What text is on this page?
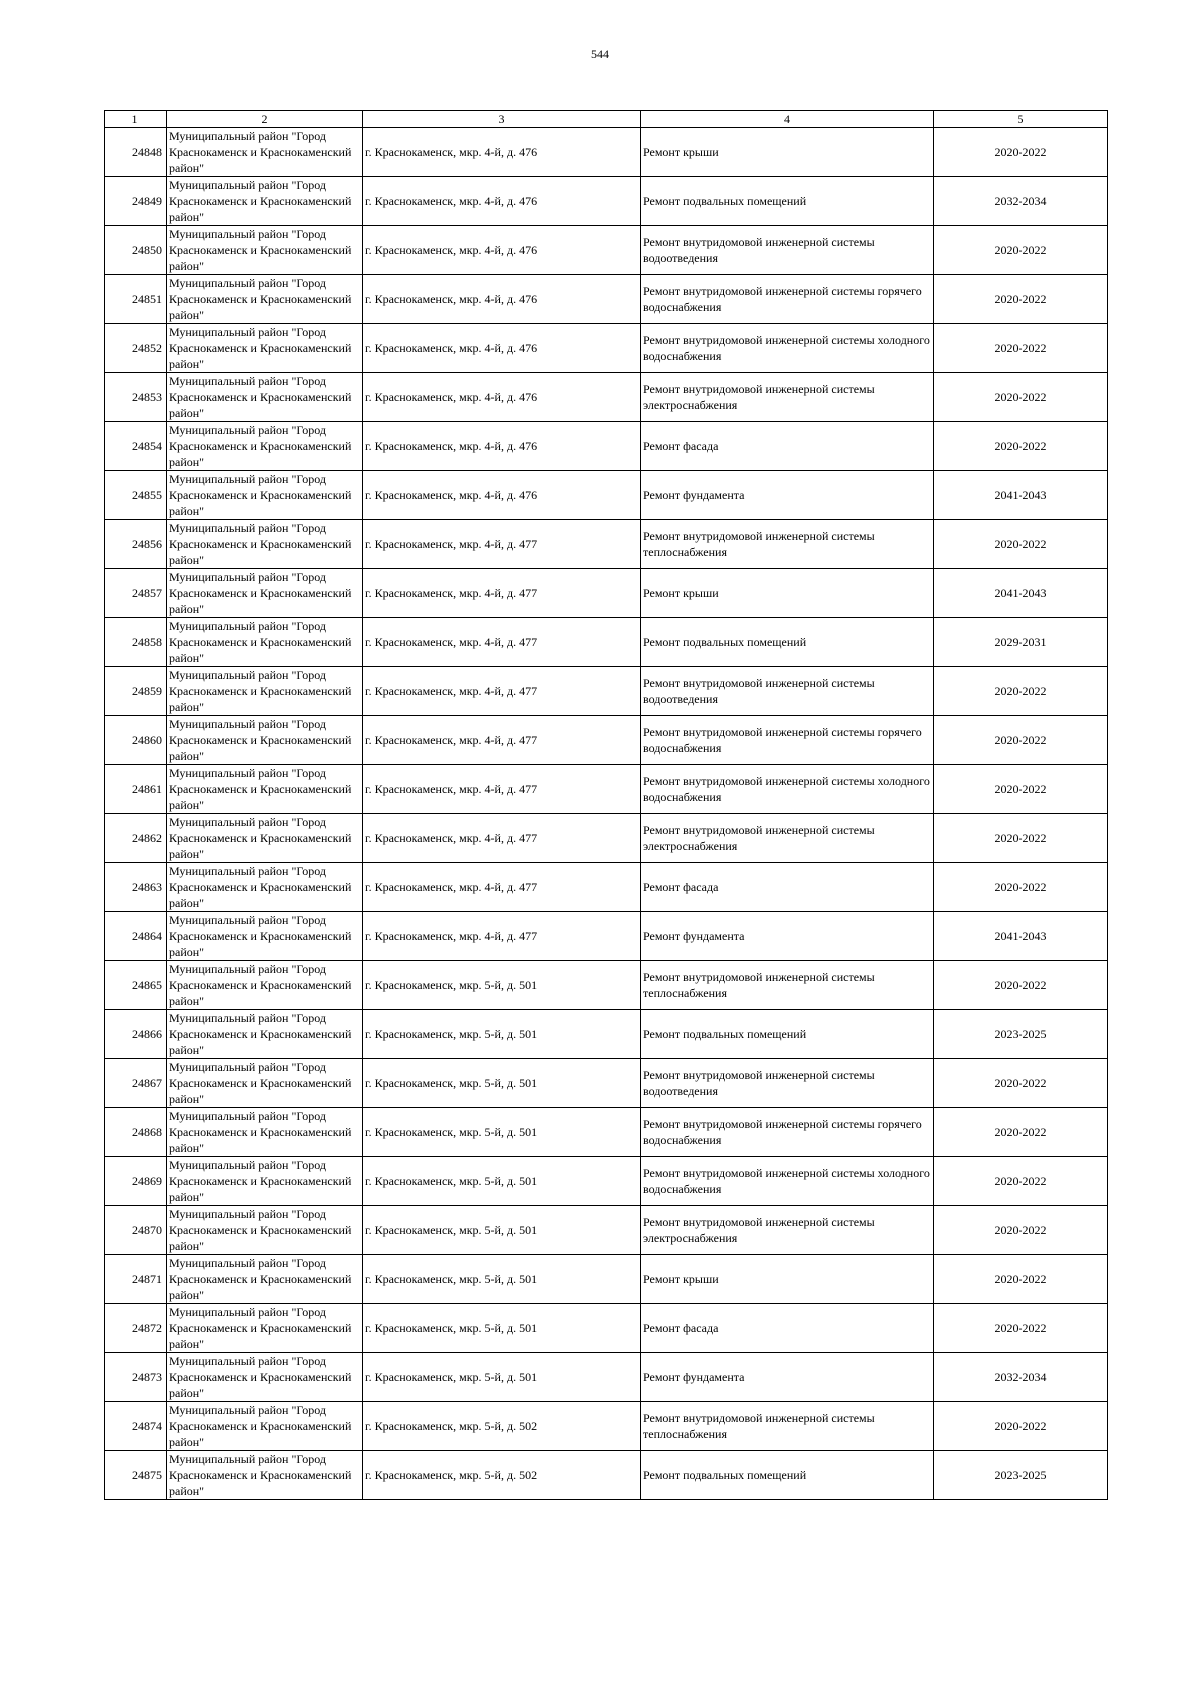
544
1	2	3	4	5
24848	Муниципальный район "Город Краснокаменск и Краснокаменский район"	г. Краснокаменск, мкр. 4-й, д. 476	Ремонт крыши	2020-2022
24849	Муниципальный район "Город Краснокаменск и Краснокаменский район"	г. Краснокаменск, мкр. 4-й, д. 476	Ремонт подвальных помещений	2032-2034
24850	Муниципальный район "Город Краснокаменск и Краснокаменский район"	г. Краснокаменск, мкр. 4-й, д. 476	Ремонт внутридомовой инженерной системы водоотведения	2020-2022
24851	Муниципальный район "Город Краснокаменск и Краснокаменский район"	г. Краснокаменск, мкр. 4-й, д. 476	Ремонт внутридомовой инженерной системы горячего водоснабжения	2020-2022
24852	Муниципальный район "Город Краснокаменск и Краснокаменский район"	г. Краснокаменск, мкр. 4-й, д. 476	Ремонт внутридомовой инженерной системы холодного водоснабжения	2020-2022
24853	Муниципальный район "Город Краснокаменск и Краснокаменский район"	г. Краснокаменск, мкр. 4-й, д. 476	Ремонт внутридомовой инженерной системы электроснабжения	2020-2022
24854	Муниципальный район "Город Краснокаменск и Краснокаменский район"	г. Краснокаменск, мкр. 4-й, д. 476	Ремонт фасада	2020-2022
24855	Муниципальный район "Город Краснокаменск и Краснокаменский район"	г. Краснокаменск, мкр. 4-й, д. 476	Ремонт фундамента	2041-2043
24856	Муниципальный район "Город Краснокаменск и Краснокаменский район"	г. Краснокаменск, мкр. 4-й, д. 477	Ремонт внутридомовой инженерной системы теплоснабжения	2020-2022
24857	Муниципальный район "Город Краснокаменск и Краснокаменский район"	г. Краснокаменск, мкр. 4-й, д. 477	Ремонт крыши	2041-2043
24858	Муниципальный район "Город Краснокаменск и Краснокаменский район"	г. Краснокаменск, мкр. 4-й, д. 477	Ремонт подвальных помещений	2029-2031
24859	Муниципальный район "Город Краснокаменск и Краснокаменский район"	г. Краснокаменск, мкр. 4-й, д. 477	Ремонт внутридомовой инженерной системы водоотведения	2020-2022
24860	Муниципальный район "Город Краснокаменск и Краснокаменский район"	г. Краснокаменск, мкр. 4-й, д. 477	Ремонт внутридомовой инженерной системы горячего водоснабжения	2020-2022
24861	Муниципальный район "Город Краснокаменск и Краснокаменский район"	г. Краснокаменск, мкр. 4-й, д. 477	Ремонт внутридомовой инженерной системы холодного водоснабжения	2020-2022
24862	Муниципальный район "Город Краснокаменск и Краснокаменский район"	г. Краснокаменск, мкр. 4-й, д. 477	Ремонт внутридомовой инженерной системы электроснабжения	2020-2022
24863	Муниципальный район "Город Краснокаменск и Краснокаменский район"	г. Краснокаменск, мкр. 4-й, д. 477	Ремонт фасада	2020-2022
24864	Муниципальный район "Город Краснокаменск и Краснокаменский район"	г. Краснокаменск, мкр. 4-й, д. 477	Ремонт фундамента	2041-2043
24865	Муниципальный район "Город Краснокаменск и Краснокаменский район"	г. Краснокаменск, мкр. 5-й, д. 501	Ремонт внутридомовой инженерной системы теплоснабжения	2020-2022
24866	Муниципальный район "Город Краснокаменск и Краснокаменский район"	г. Краснокаменск, мкр. 5-й, д. 501	Ремонт подвальных помещений	2023-2025
24867	Муниципальный район "Город Краснокаменск и Краснокаменский район"	г. Краснокаменск, мкр. 5-й, д. 501	Ремонт внутридомовой инженерной системы водоотведения	2020-2022
24868	Муниципальный район "Город Краснокаменск и Краснокаменский район"	г. Краснокаменск, мкр. 5-й, д. 501	Ремонт внутридомовой инженерной системы горячего водоснабжения	2020-2022
24869	Муниципальный район "Город Краснокаменск и Краснокаменский район"	г. Краснокаменск, мкр. 5-й, д. 501	Ремонт внутридомовой инженерной системы холодного водоснабжения	2020-2022
24870	Муниципальный район "Город Краснокаменск и Краснокаменский район"	г. Краснокаменск, мкр. 5-й, д. 501	Ремонт внутридомовой инженерной системы электроснабжения	2020-2022
24871	Муниципальный район "Город Краснокаменск и Краснокаменский район"	г. Краснокаменск, мкр. 5-й, д. 501	Ремонт крыши	2020-2022
24872	Муниципальный район "Город Краснокаменск и Краснокаменский район"	г. Краснокаменск, мкр. 5-й, д. 501	Ремонт фасада	2020-2022
24873	Муниципальный район "Город Краснокаменск и Краснокаменский район"	г. Краснокаменск, мкр. 5-й, д. 501	Ремонт фундамента	2032-2034
24874	Муниципальный район "Город Краснокаменск и Краснокаменский район"	г. Краснокаменск, мкр. 5-й, д. 502	Ремонт внутридомовой инженерной системы теплоснабжения	2020-2022
24875	Муниципальный район "Город Краснокаменск и Краснокаменский район"	г. Краснокаменск, мкр. 5-й, д. 502	Ремонт подвальных помещений	2023-2025
